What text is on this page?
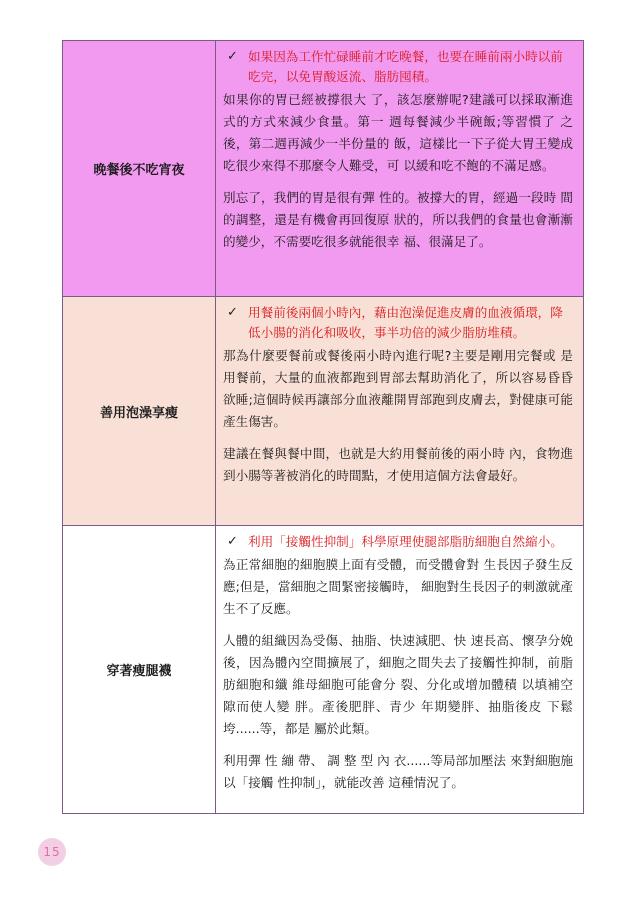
晚餐後不吃宵夜	✓ 如果因為工作忙碌睡前才吃晚餐，也要在睡前兩小時以前吃完，以免胃酸返流、脂肪囤積。

如果你的胃已經被撐很大 了，該怎麼辦呢?建議可以採取漸進式的方式來減少食量。第一 週每餐減少半碗飯;等習慣了 之後，第二週再減少一半份量的 飯，這樣比一下子從大胃王變成 吃很少來得不那麼令人難受，可 以緩和吃不飽的不滿足感。

別忘了，我們的胃是很有彈 性的。被撐大的胃，經過一段時 間的調整，還是有機會再回復原 狀的，所以我們的食量也會漸漸 的變少，不需要吃很多就能很幸 福、很滿足了。

善用泡澡享瘦	✓ 用餐前後兩個小時內，藉由泡澡促進皮膚的血液循環，降低小腸的消化和吸收，事半功倍的減少脂肪堆積。

那為什麼要餐前或餐後兩小時內進行呢?主要是剛用完餐或 是用餐前，大量的血液都跑到胃部去幫助消化了，所以容易昏昏 欲睡;這個時候再讓部分血液離開胃部跑到皮膚去，對健康可能產生傷害。

建議在餐與餐中間，也就是大約用餐前後的兩小時 內，食物進到小腸等著被消化的時間點，才使用這個方法會最好。

穿著瘦腿襪	✓ 利用「接觸性抑制」科學原理使腿部脂肪細胞自然縮小。

為正常細胞的細胞膜上面有受體，而受體會對 生長因子發生反應;但是，當細胞之間緊密接觸時， 細胞對生長因子的刺激就產生不了反應。

人體的組織因為受傷、抽脂、快速減肥、快 速長高、懷孕分娩後，因為體內空間擴展了，細胞之間失去了接觸性抑制，前脂肪細胞和纖 維母細胞可能會分 裂、分化或增加體積 以填補空隙而使人變 胖。產後肥胖、青少 年期變胖、抽脂後皮 下鬆垮......等，都是 屬於此類。

利用彈 性 繃 帶、 調 整 型 內 衣......等局部加壓法 來對細胞施以「接觸 性抑制」，就能改善 這種情況了。

15
